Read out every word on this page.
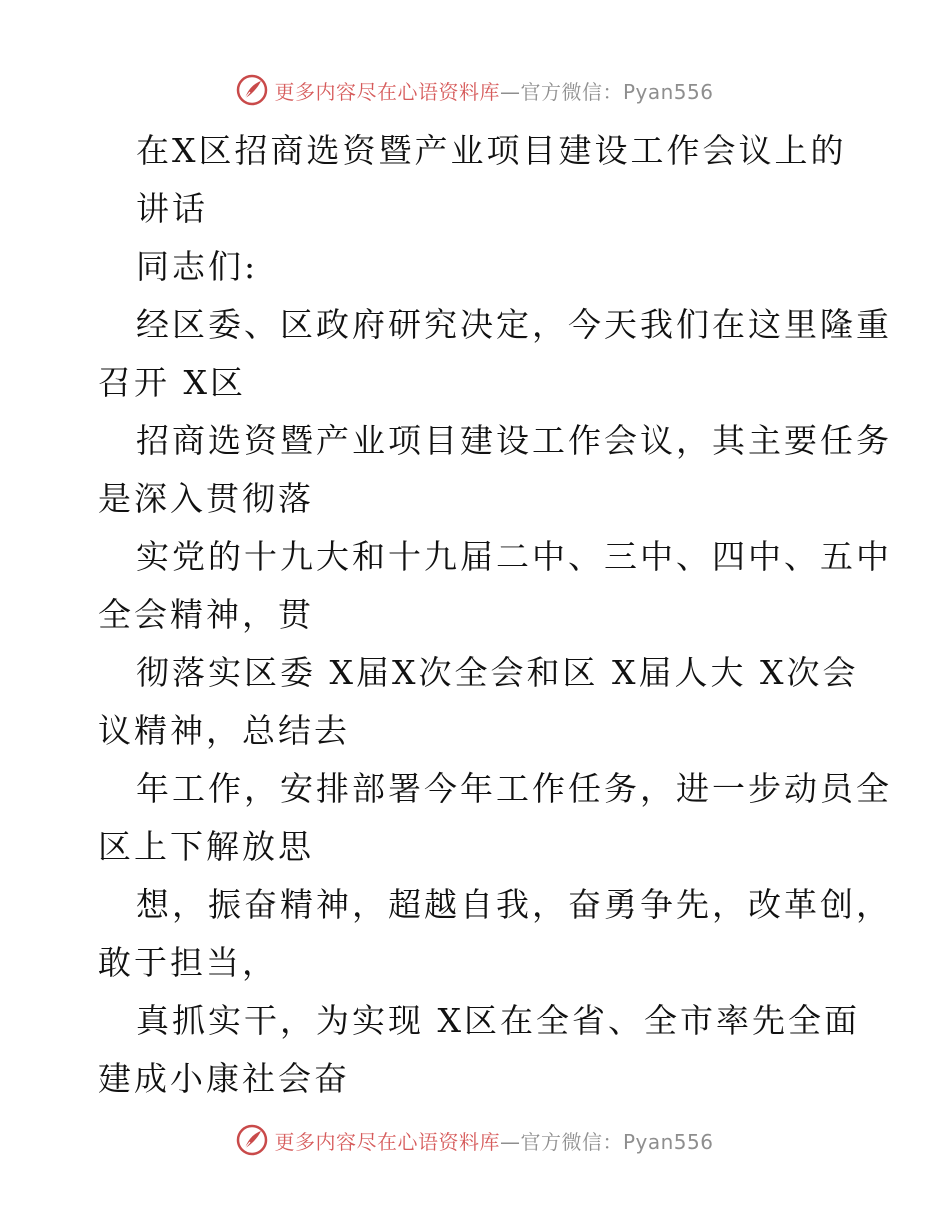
更多内容尽在心语资料库—官方微信：Pyan556
在X区招商选资暨产业项目建设工作会议上的
讲话
同志们:
经区委、区政府研究决定，今天我们在这里隆重
召开 X区
招商选资暨产业项目建设工作会议，其主要任务
是深入贯彻落
实党的十九大和十九届二中、三中、四中、五中
全会精神，贯
彻落实区委 X届X次全会和区 X届人大 X次会
议精神，总结去
年工作，安排部署今年工作任务，进一步动员全
区上下解放思
想，振奋精神，超越自我，奋勇争先，改革创，
敢于担当，
真抓实干，为实现 X区在全省、全市率先全面
建成小康社会奋
更多内容尽在心语资料库—官方微信：Pyan556
